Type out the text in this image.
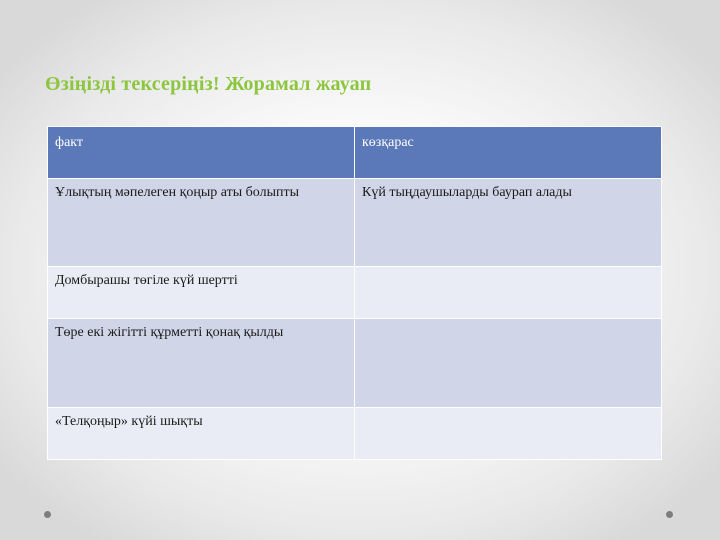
Өзіңізді тексеріңіз! Жорамал жауап
факт	көзқарас
Ұлықтың мәпелеген қоңыр аты болыпты	Күй тыңдаушыларды баурап алады
Домбырашы төгіле күй шертті	
Төре екі жігітті құрметті қонақ қылды	
«Телқоңыр» күйі шықты	
